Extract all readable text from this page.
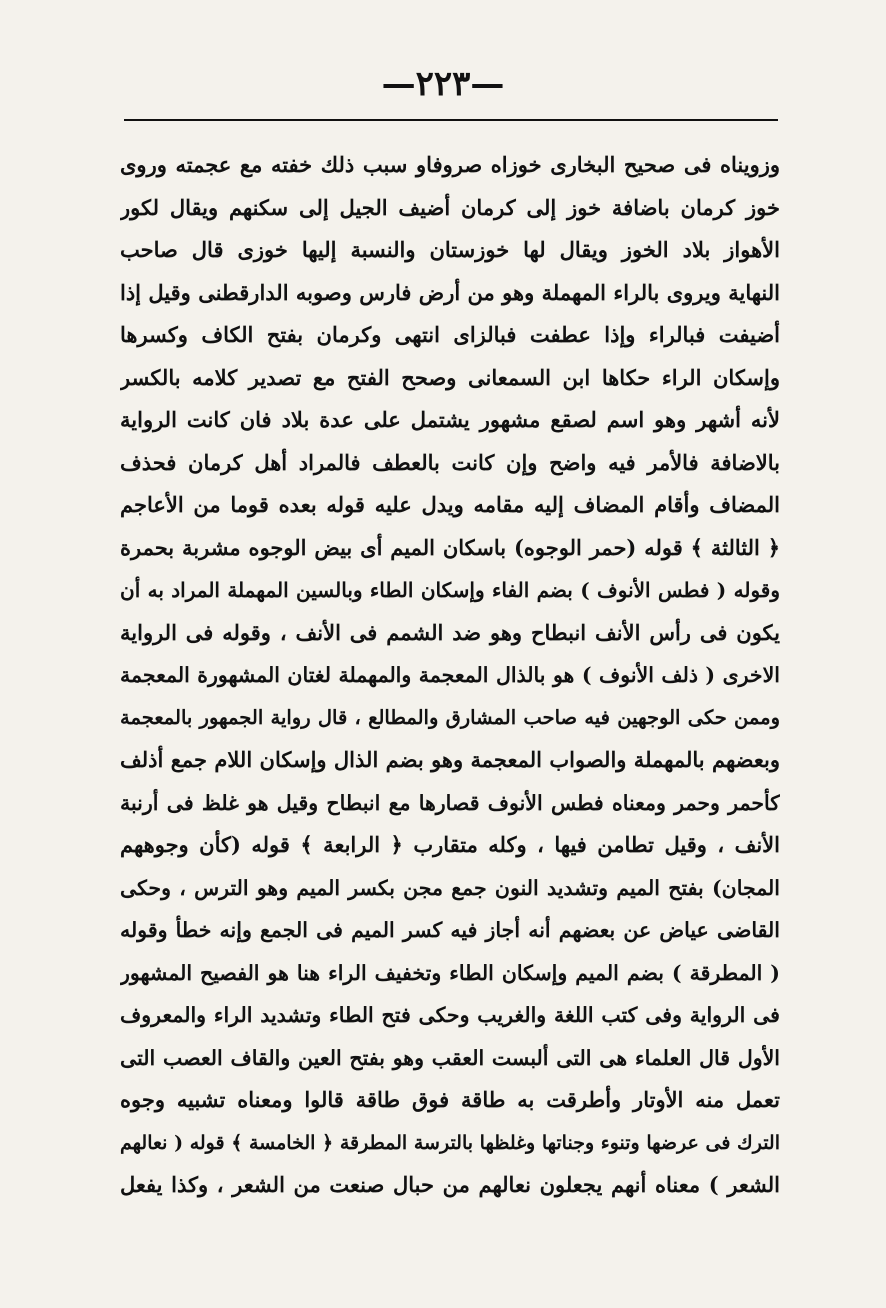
—٢٢٣—
وزويناه فى صحيح البخارى خوزاه صروفاو سبب ذلك خفته مع عجمته وروى
خوز كرمان باضافة خوز إلى كرمان أضيف الجيل إلى سكنهم ويقال لكور
الأهواز بلاد الخوز ويقال لها خوزستان والنسبة إليها خوزى قال صاحب
النهاية ويروى بالراء المهملة وهو من أرض فارس وصوبه الدارقطنى وقيل إذا
أضيفت فبالراء وإذا عطفت فبالزاى انتهى وكرمان بفتح الكاف وكسرها
وإسكان الراء حكاها ابن السمعانى وصحح الفتح مع تصدير كلامه بالكسر
لأنه أشهر وهو اسم لصقع مشهور يشتمل على عدة بلاد فان كانت الرواية
بالاضافة فالأمر فيه واضح وإن كانت بالعطف فالمراد أهل كرمان فحذف
المضاف وأقام المضاف إليه مقامه ويدل عليه قوله بعده قوما من الأعاجم
﴿ الثالثة ﴾ قوله (حمر الوجوه) باسكان الميم أى بيض الوجوه مشربة بحمرة
وقوله ( فطس الأنوف ) بضم الفاء وإسكان الطاء وبالسين المهملة المراد به أن
يكون فى رأس الأنف انبطاح وهو ضد الشمم فى الأنف ، وقوله فى الرواية
الاخرى ( ذلف الأنوف ) هو بالذال المعجمة والمهملة لغتان المشهورة المعجمة
وممن حكى الوجهين فيه صاحب المشارق والمطالع ، قال رواية الجمهور بالمعجمة
وبعضهم بالمهملة والصواب المعجمة وهو بضم الذال وإسكان اللام جمع أذلف
كأحمر وحمر ومعناه فطس الأنوف قصارها مع انبطاح وقيل هو غلظ فى أرنبة
الأنف ، وقيل تطامن فيها ، وكله متقارب ﴿ الرابعة ﴾ قوله (كأن وجوههم
المجان) بفتح الميم وتشديد النون جمع مجن بكسر الميم وهو الترس ، وحكى
القاضى عياض عن بعضهم أنه أجاز فيه كسر الميم فى الجمع وإنه خطأ وقوله
( المطرقة ) بضم الميم وإسكان الطاء وتخفيف الراء هنا هو الفصيح المشهور
فى الرواية وفى كتب اللغة والغريب وحكى فتح الطاء وتشديد الراء والمعروف
الأول قال العلماء هى التى ألبست العقب وهو بفتح العين والقاف العصب التى
تعمل منه الأوتار وأطرقت به طاقة فوق طاقة قالوا ومعناه تشبيه وجوه
الترك فى عرضها وتنوء وجناتها وغلظها بالترسة المطرقة ﴿ الخامسة ﴾ قوله ( نعالهم
الشعر ) معناه أنهم يجعلون نعالهم من حبال صنعت من الشعر ، وكذا يفعل
